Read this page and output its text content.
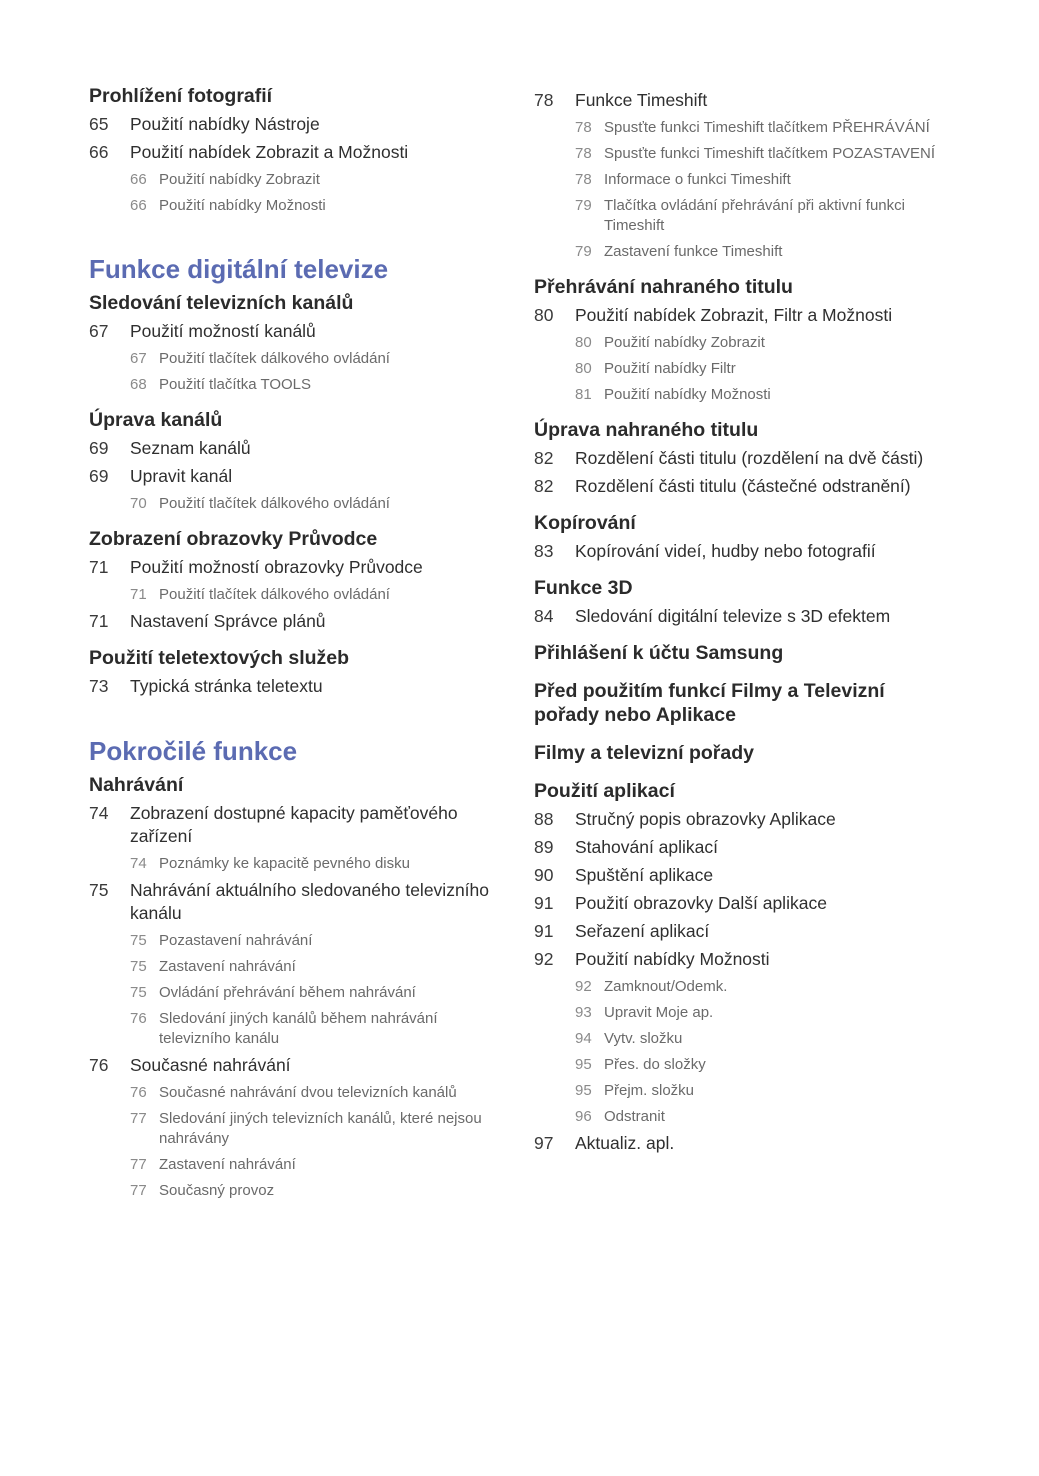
Prohlížení fotografií
65	Použití nabídky Nástroje
66	Použití nabídek Zobrazit a Možnosti
66 Použití nabídky Zobrazit
66 Použití nabídky Možnosti
Funkce digitální televize
Sledování televizních kanálů
67	Použití možností kanálů
67 Použití tlačítek dálkového ovládání
68 Použití tlačítka TOOLS
Úprava kanálů
69	Seznam kanálů
69	Upravit kanál
70 Použití tlačítek dálkového ovládání
Zobrazení obrazovky Průvodce
71	Použití možností obrazovky Průvodce
71 Použití tlačítek dálkového ovládání
71	Nastavení Správce plánů
Použití teletextových služeb
73	Typická stránka teletextu
Pokročilé funkce
Nahrávání
74	Zobrazení dostupné kapacity paměťového zařízení
74 Poznámky ke kapacitě pevného disku
75	Nahrávání aktuálního sledovaného televizního kanálu
75 Pozastavení nahrávání
75 Zastavení nahrávání
75 Ovládání přehrávání během nahrávání
76 Sledování jiných kanálů během nahrávání televizního kanálu
76	Současné nahrávání
76 Současné nahrávání dvou televizních kanálů
77 Sledování jiných televizních kanálů, které nejsou nahrávány
77 Zastavení nahrávání
77 Současný provoz
78	Funkce Timeshift
78 Spusťte funkci Timeshift tlačítkem PŘEHRÁVÁNÍ
78 Spusťte funkci Timeshift tlačítkem POZASTAVENÍ
78 Informace o funkci Timeshift
79 Tlačítka ovládání přehrávání při aktivní funkci Timeshift
79 Zastavení funkce Timeshift
Přehrávání nahraného titulu
80	Použití nabídek Zobrazit, Filtr a Možnosti
80 Použití nabídky Zobrazit
80 Použití nabídky Filtr
81 Použití nabídky Možnosti
Úprava nahraného titulu
82	Rozdělení části titulu (rozdělení na dvě části)
82	Rozdělení části titulu (částečné odstranění)
Kopírování
83	Kopírování videí, hudby nebo fotografií
Funkce 3D
84	Sledování digitální televize s 3D efektem
Přihlášení k účtu Samsung
Před použitím funkcí Filmy a Televizní pořady nebo Aplikace
Filmy a televizní pořady
Použití aplikací
88	Stručný popis obrazovky Aplikace
89	Stahování aplikací
90	Spuštění aplikace
91	Použití obrazovky Další aplikace
91	Seřazení aplikací
92	Použití nabídky Možnosti
92 Zamknout/Odemk.
93 Upravit Moje ap.
94 Vytv. složku
95 Přes. do složky
95 Přejm. složku
96 Odstranit
97	Aktualiz. apl.
